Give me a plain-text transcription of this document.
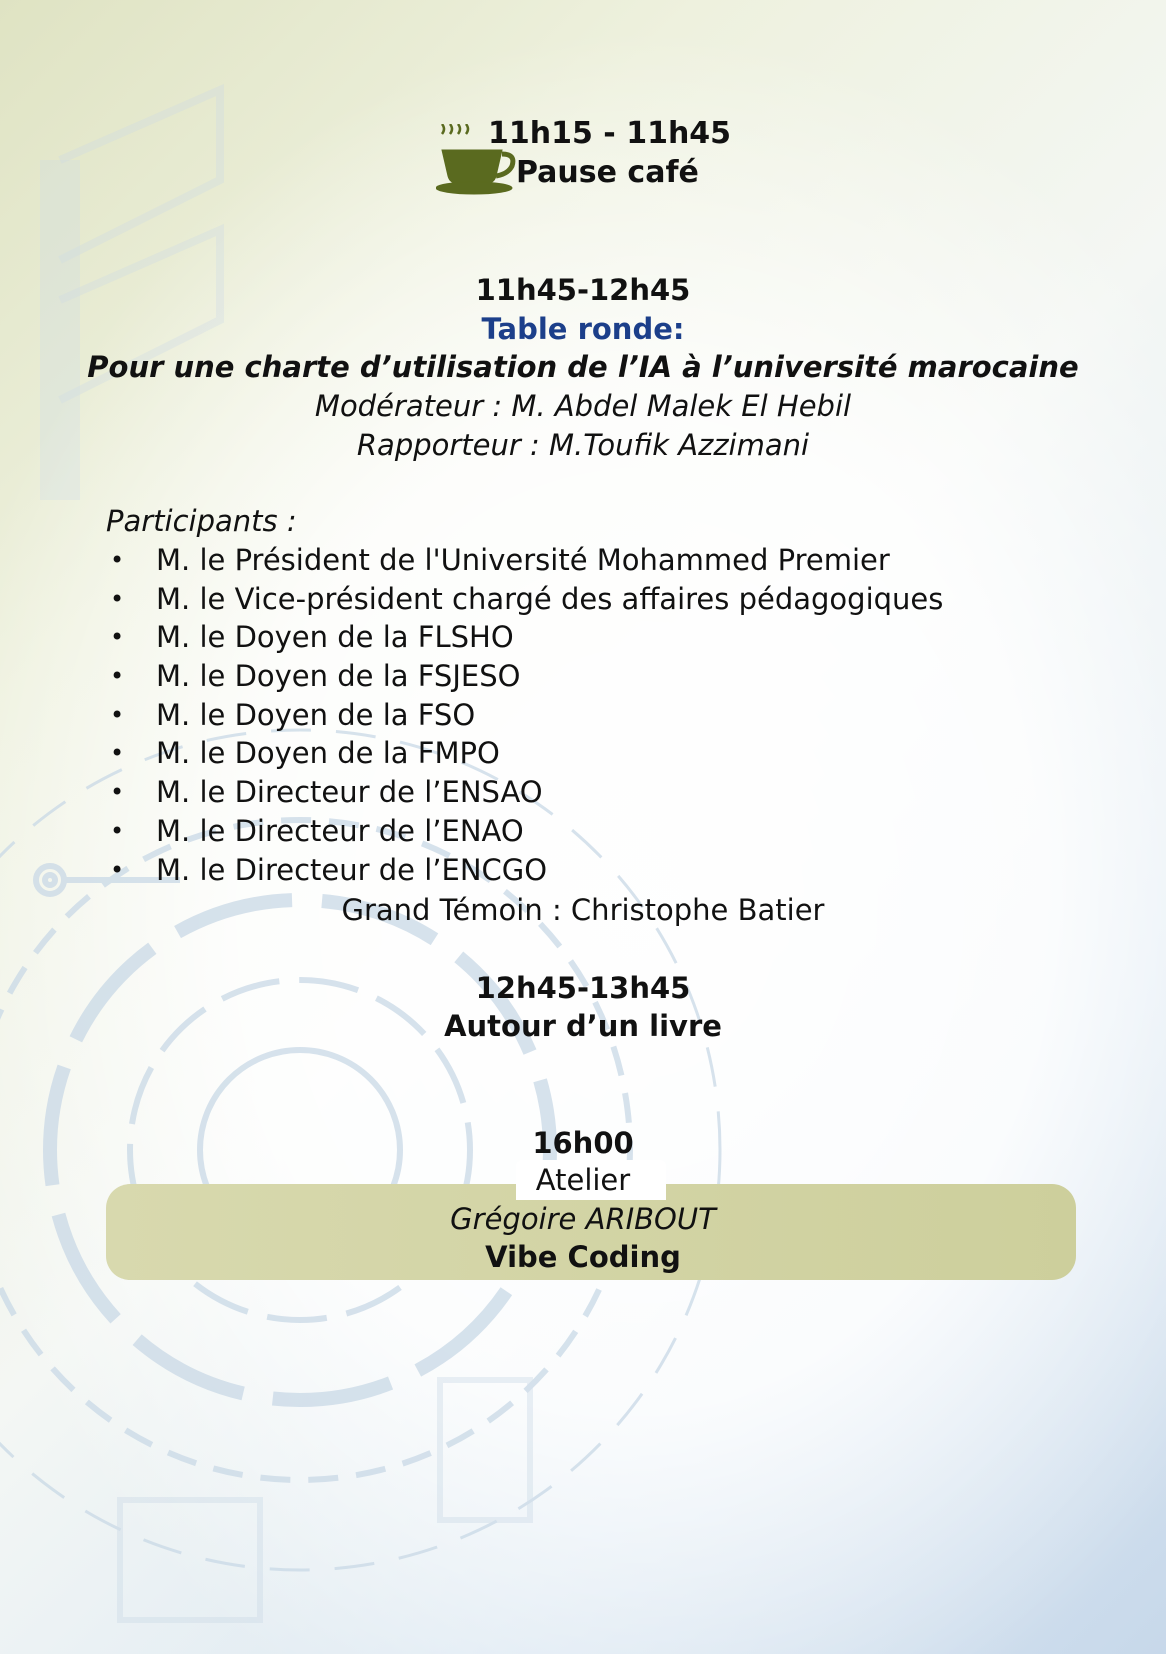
11h15 - 11h45
Pause café
11h45-12h45
Table ronde:
Pour une charte d’utilisation de l’IA à l’université marocaine
Modérateur : M. Abdel Malek El Hebil
Rapporteur : M.Toufik Azzimani
Participants :
• M. le Président de l'Université Mohammed Premier
• M. le Vice-président chargé des affaires pédagogiques
• M. le Doyen de la FLSHO
• M. le Doyen de la FSJESO
• M. le Doyen de la FSO
• M. le Doyen de la FMPO
• M. le Directeur de l’ENSAO
• M. le Directeur de l’ENAO
• M. le Directeur de l’ENCGO
Grand Témoin : Christophe Batier
12h45-13h45
Autour d’un livre
16h00
Atelier
Grégoire ARIBOUT
Vibe Coding
